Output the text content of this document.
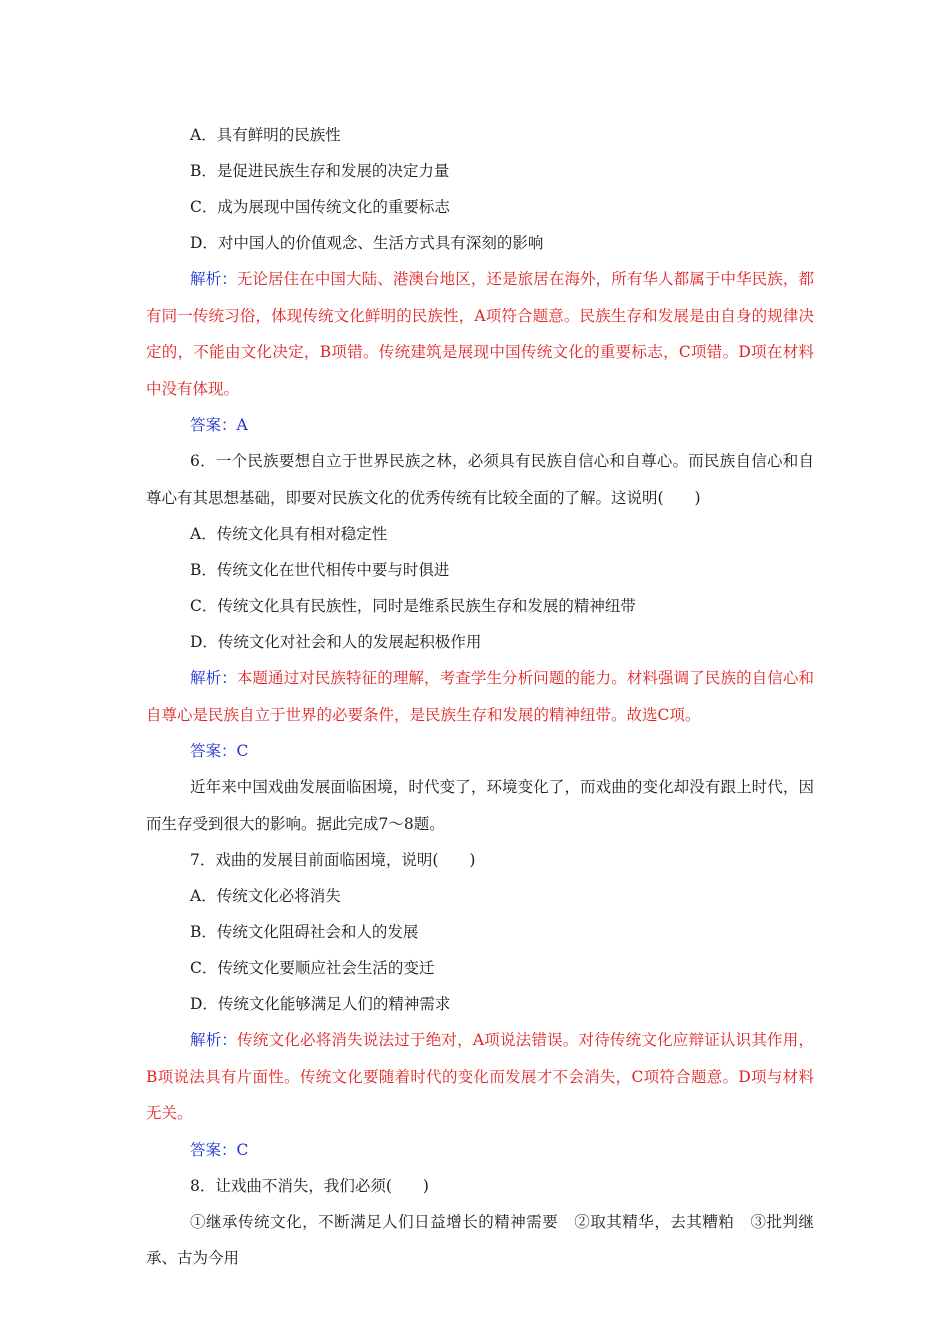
A．具有鲜明的民族性
B．是促进民族生存和发展的决定力量
C．成为展现中国传统文化的重要标志
D．对中国人的价值观念、生活方式具有深刻的影响
解析：无论居住在中国大陆、港澳台地区，还是旅居在海外，所有华人都属于中华民族，都有同一传统习俗，体现传统文化鲜明的民族性，A项符合题意。民族生存和发展是由自身的规律决定的，不能由文化决定，B项错。传统建筑是展现中国传统文化的重要标志，C项错。D项在材料中没有体现。
答案：A
6．一个民族要想自立于世界民族之林，必须具有民族自信心和自尊心。而民族自信心和自尊心有其思想基础，即要对民族文化的优秀传统有比较全面的了解。这说明(　　)
A．传统文化具有相对稳定性
B．传统文化在世代相传中要与时俱进
C．传统文化具有民族性，同时是维系民族生存和发展的精神纽带
D．传统文化对社会和人的发展起积极作用
解析：本题通过对民族特征的理解，考查学生分析问题的能力。材料强调了民族的自信心和自尊心是民族自立于世界的必要条件，是民族生存和发展的精神纽带。故选C项。
答案：C
近年来中国戏曲发展面临困境，时代变了，环境变化了，而戏曲的变化却没有跟上时代，因而生存受到很大的影响。据此完成7～8题。
7．戏曲的发展目前面临困境，说明(　　)
A．传统文化必将消失
B．传统文化阻碍社会和人的发展
C．传统文化要顺应社会生活的变迁
D．传统文化能够满足人们的精神需求
解析：传统文化必将消失说法过于绝对，A项说法错误。对待传统文化应辩证认识其作用，B项说法具有片面性。传统文化要随着时代的变化而发展才不会消失，C项符合题意。D项与材料无关。
答案：C
8．让戏曲不消失，我们必须(　　)
①继承传统文化，不断满足人们日益增长的精神需要　②取其精华，去其糟粕　③批判继承、古为今用
